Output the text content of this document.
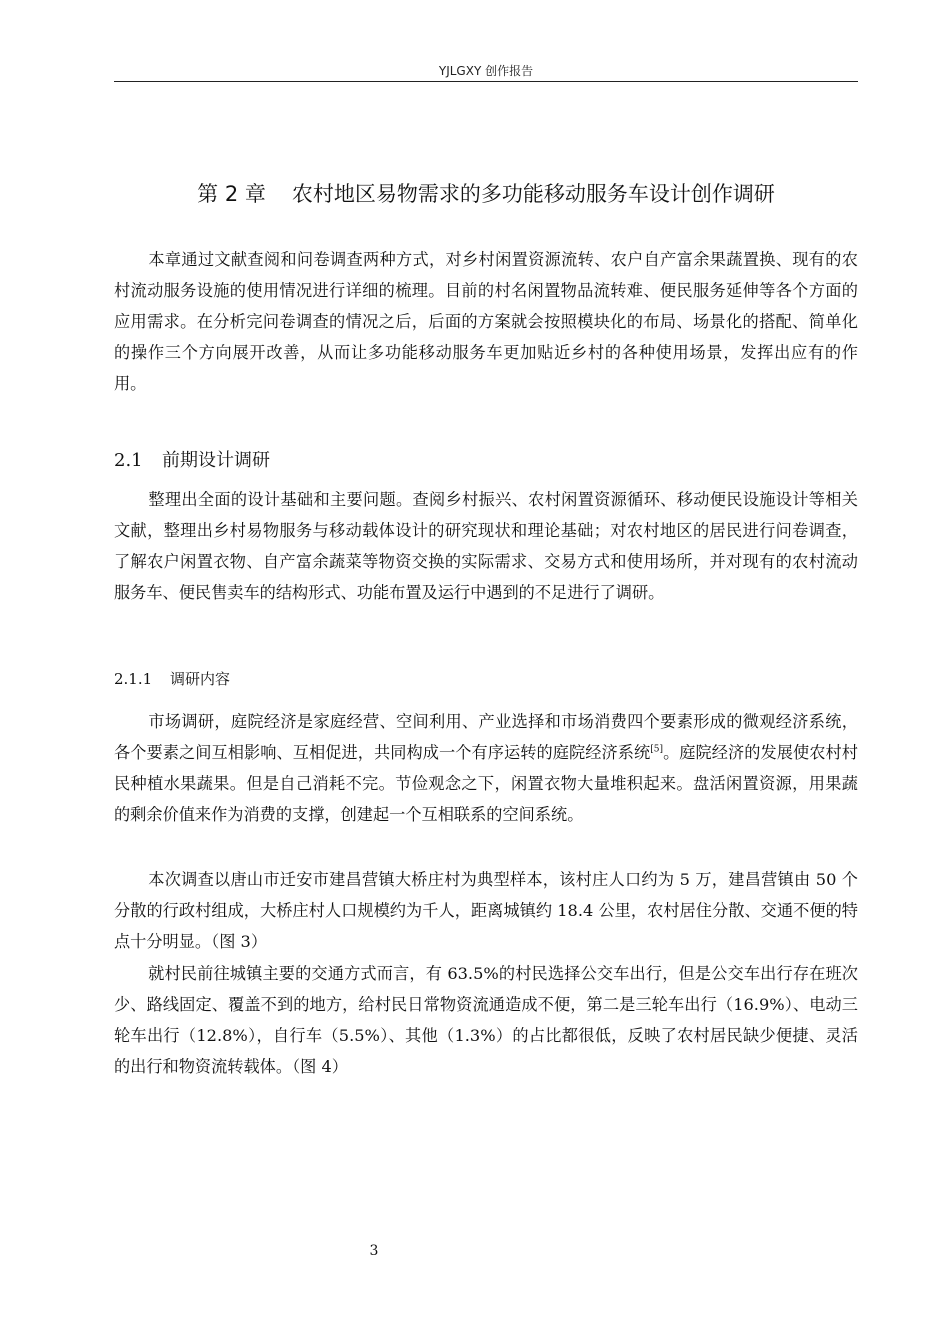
YJLGXY 创作报告
第 2 章 农村地区易物需求的多功能移动服务车设计创作调研

本章通过文献查阅和问卷调查两种方式，对乡村闲置资源流转、农户自产富余果蔬置换、现有的农村流动服务设施的使用情况进行详细的梳理。目前的村名闲置物品流转难、便民服务延伸等各个方面的应用需求。在分析完问卷调查的情况之后，后面的方案就会按照模块化的布局、场景化的搭配、简单化的操作三个方向展开改善，从而让多功能移动服务车更加贴近乡村的各种使用场景，发挥出应有的作用。

2.1 前期设计调研

整理出全面的设计基础和主要问题。查阅乡村振兴、农村闲置资源循环、移动便民设施设计等相关文献，整理出乡村易物服务与移动载体设计的研究现状和理论基础；对农村地区的居民进行问卷调查，了解农户闲置衣物、自产富余蔬菜等物资交换的实际需求、交易方式和使用场所，并对现有的农村流动服务车、便民售卖车的结构形式、功能布置及运行中遇到的不足进行了调研。

2.1.1 调研内容

市场调研，庭院经济是家庭经营、空间利用、产业选择和市场消费四个要素形成的微观经济系统，各个要素之间互相影响、互相促进，共同构成一个有序运转的庭院经济系统[5]。庭院经济的发展使农村村民种植水果蔬果。但是自己消耗不完。节俭观念之下，闲置衣物大量堆积起来。盘活闲置资源，用果蔬的剩余价值来作为消费的支撑，创建起一个互相联系的空间系统。

本次调查以唐山市迁安市建昌营镇大桥庄村为典型样本，该村庄人口约为 5 万，建昌营镇由 50 个分散的行政村组成，大桥庄村人口规模约为千人，距离城镇约 18.4 公里，农村居住分散、交通不便的特点十分明显。（图 3）

就村民前往城镇主要的交通方式而言，有 63.5%的村民选择公交车出行，但是公交车出行存在班次少、路线固定、覆盖不到的地方，给村民日常物资流通造成不便，第二是三轮车出行（16.9%）、电动三轮车出行（12.8%），自行车（5.5%）、其他（1.3%）的占比都很低，反映了农村居民缺少便捷、灵活的出行和物资流转载体。（图 4）

3
